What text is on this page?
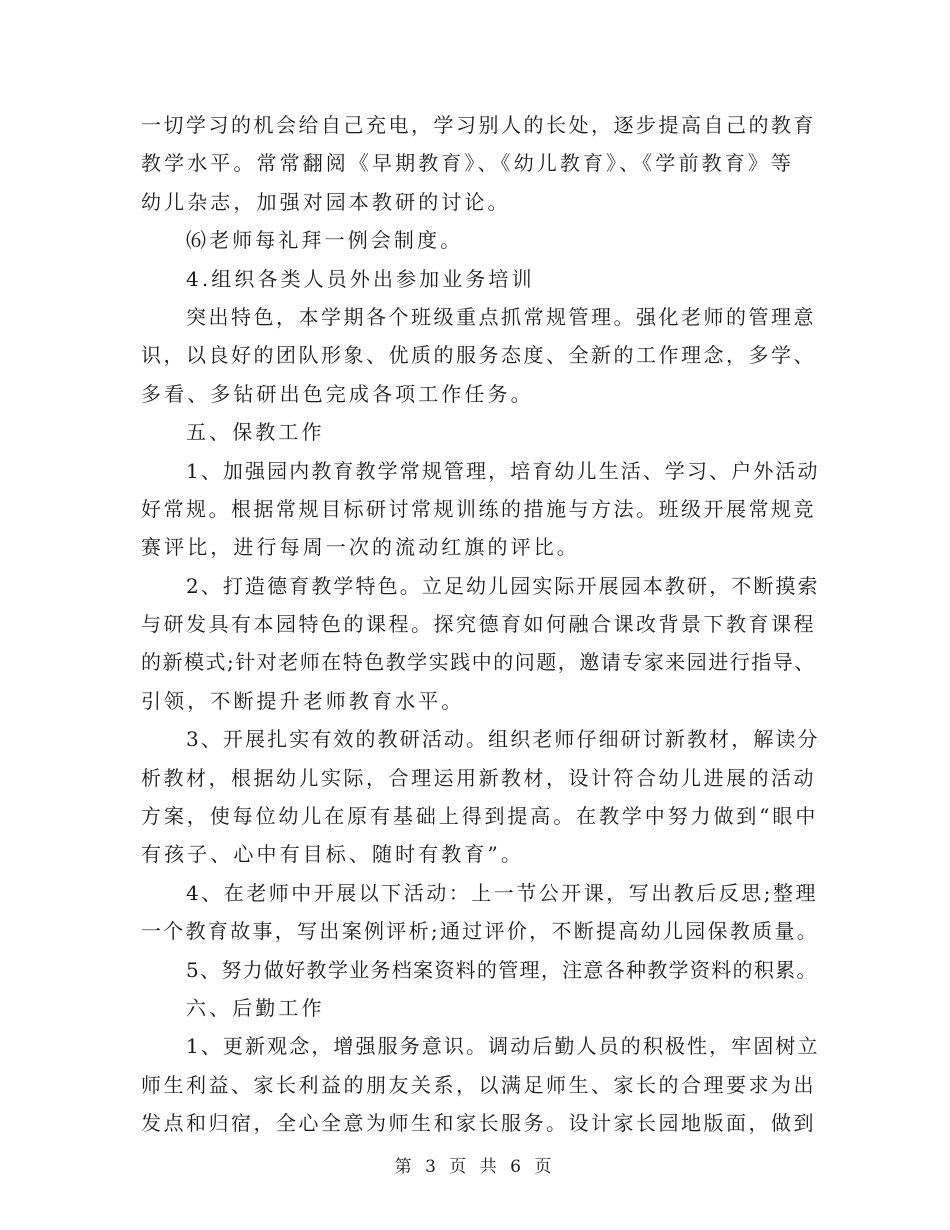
一切学习的机会给自己充电，学习别人的长处，逐步提高自己的教育
教学水平。常常翻阅《早期教育》、《幼儿教育》、《学前教育》等
幼儿杂志，加强对园本教研的讨论。
⑹老师每礼拜一例会制度。
4.组织各类人员外出参加业务培训
突出特色，本学期各个班级重点抓常规管理。强化老师的管理意
识，以良好的团队形象、优质的服务态度、全新的工作理念，多学、
多看、多钻研出色完成各项工作任务。
五、保教工作
1、加强园内教育教学常规管理，培育幼儿生活、学习、户外活动
好常规。根据常规目标研讨常规训练的措施与方法。班级开展常规竞
赛评比，进行每周一次的流动红旗的评比。
2、打造德育教学特色。立足幼儿园实际开展园本教研，不断摸索
与研发具有本园特色的课程。探究德育如何融合课改背景下教育课程
的新模式;针对老师在特色教学实践中的问题，邀请专家来园进行指导、
引领，不断提升老师教育水平。
3、开展扎实有效的教研活动。组织老师仔细研讨新教材，解读分
析教材，根据幼儿实际，合理运用新教材，设计符合幼儿进展的活动
方案，使每位幼儿在原有基础上得到提高。在教学中努力做到“眼中
有孩子、心中有目标、随时有教育”。
4、在老师中开展以下活动：上一节公开课，写出教后反思;整理
一个教育故事，写出案例评析;通过评价，不断提高幼儿园保教质量。
5、努力做好教学业务档案资料的管理，注意各种教学资料的积累。
六、后勤工作
1、更新观念，增强服务意识。调动后勤人员的积极性，牢固树立
师生利益、家长利益的朋友关系，以满足师生、家长的合理要求为出
发点和归宿，全心全意为师生和家长服务。设计家长园地版面，做到
第 3 页 共 6 页
